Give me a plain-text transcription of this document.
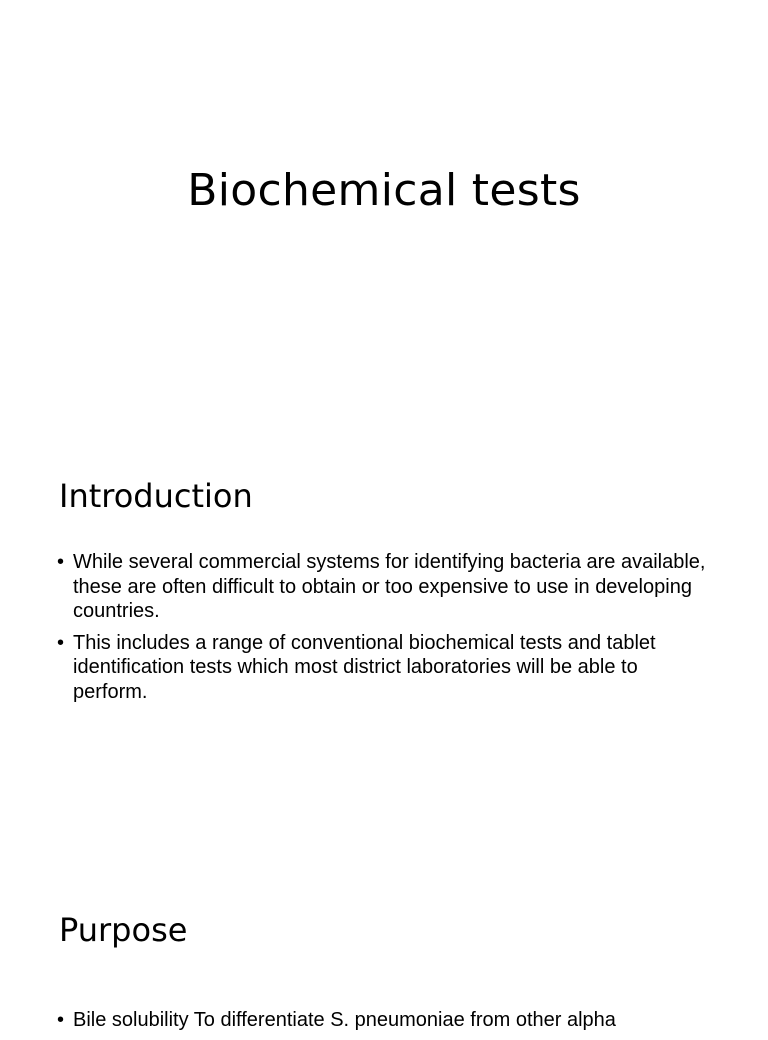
Biochemical tests
Introduction
• While several commercial systems for identifying bacteria are available, these are often difficult to obtain or too expensive to use in developing countries.
• This includes a range of conventional biochemical tests and tablet identification tests which most district laboratories will be able to perform.
Purpose
• Bile solubility To differentiate S. pneumoniae from other alpha
